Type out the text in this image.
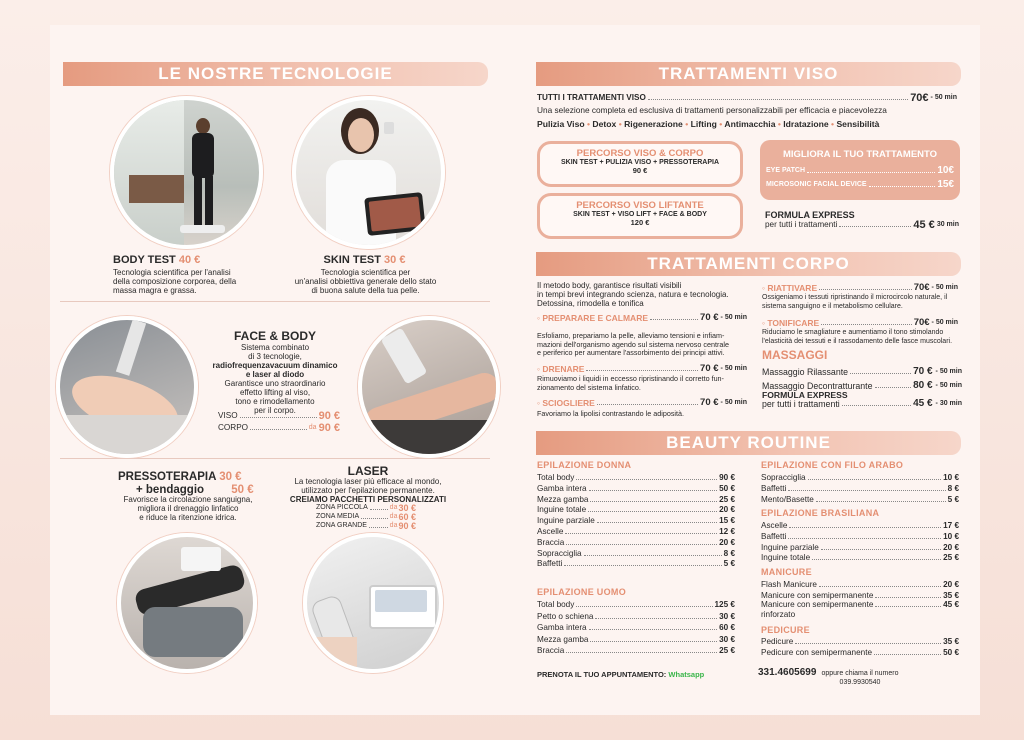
LE NOSTRE TECNOLOGIE
BODY TEST 40 €
Tecnologia scientifica per l'analisi
della composizione corporea, della
massa magra e grassa.
SKIN TEST 30 €
Tecnologia scientifica per
un'analisi obbiettiva generale dello stato
di buona salute della tua pelle.
FACE & BODY
Sistema combinato
di 3 tecnologie,
radiofrequenzavacuum dinamico
e laser al diodo
Garantisce uno straordinario
effetto lifting al viso,
tono e rimodellamento
per il corpo.
VISO	90 €
CORPO	da 90 €
PRESSOTERAPIA 30 €
+ bendaggio 50 €
Favorisce la circolazione sanguigna,
migliora il drenaggio linfatico
e riduce la ritenzione idrica.
LASER
La tecnologia laser più efficace al mondo,
utilizzato per l'epilazione permanente.
CREIAMO PACCHETTI PERSONALIZZATI
ZONA PICCOLA	da 30 €
ZONA MEDIA	da 60 €
ZONA GRANDE	da 90 €
TRATTAMENTI VISO
TUTTI I TRATTAMENTI VISO	70€ - 50 min
Una selezione completa ed esclusiva di trattamenti personalizzabili per efficacia e piacevolezza
Pulizia Viso • Detox • Rigenerazione • Lifting • Antimacchia • Idratazione • Sensibilità
PERCORSO VISO & CORPO
SKIN TEST + PULIZIA VISO + PRESSOTERAPIA
90 €
PERCORSO VISO LIFTANTE
SKIN TEST + VISO LIFT + FACE & BODY
120 €
MIGLIORA IL TUO TRATTAMENTO
EYE PATCH	10€
MICROSONIC FACIAL DEVICE	15€
FORMULA EXPRESS
per tutti i trattamenti	45 € 30 min
TRATTAMENTI CORPO
Il metodo body, garantisce risultati visibili
in tempi brevi integrando scienza, natura e tecnologia.
Detossina, rimodella e tonifica
◦ PREPARARE E CALMARE	70 € - 50 min
Esfoliamo, prepariamo la pelle, alleviamo tensioni e infiam-
mazioni dell'organismo agendo sul sistema nervoso centrale
e periferico per aumentare l'assorbimento dei principi attivi.
◦ DRENARE	70 € - 50 min
Rimuoviamo i liquidi in eccesso ripristinando il corretto fun-
zionamento del sistema linfatico.
◦ SCIOGLIERE	70 € - 50 min
Favoriamo la lipolisi contrastando le adiposità.
◦ RIATTIVARE	70€ - 50 min
Ossigeniamo i tessuti ripristinando il microcircolo naturale, il
sistema sanguigno e il metabolismo cellulare.
◦ TONIFICARE	70€ - 50 min
Riduciamo le smagliature e aumentiamo il tono stimolando
l'elasticità dei tessuti e il rassodamento delle fasce muscolari.
MASSAGGI
Massaggio Rilassante	70 € - 50 min
Massaggio Decontratturante	80 € - 50 min
FORMULA EXPRESS
per tutti i trattamenti	45 € - 30 min
BEAUTY ROUTINE
EPILAZIONE DONNA
Total body	90 €
Gamba intera	50 €
Mezza gamba	25 €
Inguine totale	20 €
Inguine parziale	15 €
Ascelle	12 €
Braccia	20 €
Sopracciglia	8 €
Baffetti	5 €
EPILAZIONE UOMO
Total body	125 €
Petto o schiena	30 €
Gamba intera	60 €
Mezza gamba	30 €
Braccia	25 €
EPILAZIONE CON FILO ARABO
Sopracciglia	10 €
Baffetti	8 €
Mento/Basette	5 €
EPILAZIONE BRASILIANA
Ascelle	17 €
Baffetti	10 €
Inguine parziale	20 €
Inguine totale	25 €
MANICURE
Flash Manicure	20 €
Manicure con semipermanente	35 €
Manicure con semipermanente	45 €
rinforzato
PEDICURE
Pedicure	35 €
Pedicure con semipermanente	50 €
PRENOTA IL TUO APPUNTAMENTO: Whatsapp	331.4605699 oppure chiama il numero
039.9930540
